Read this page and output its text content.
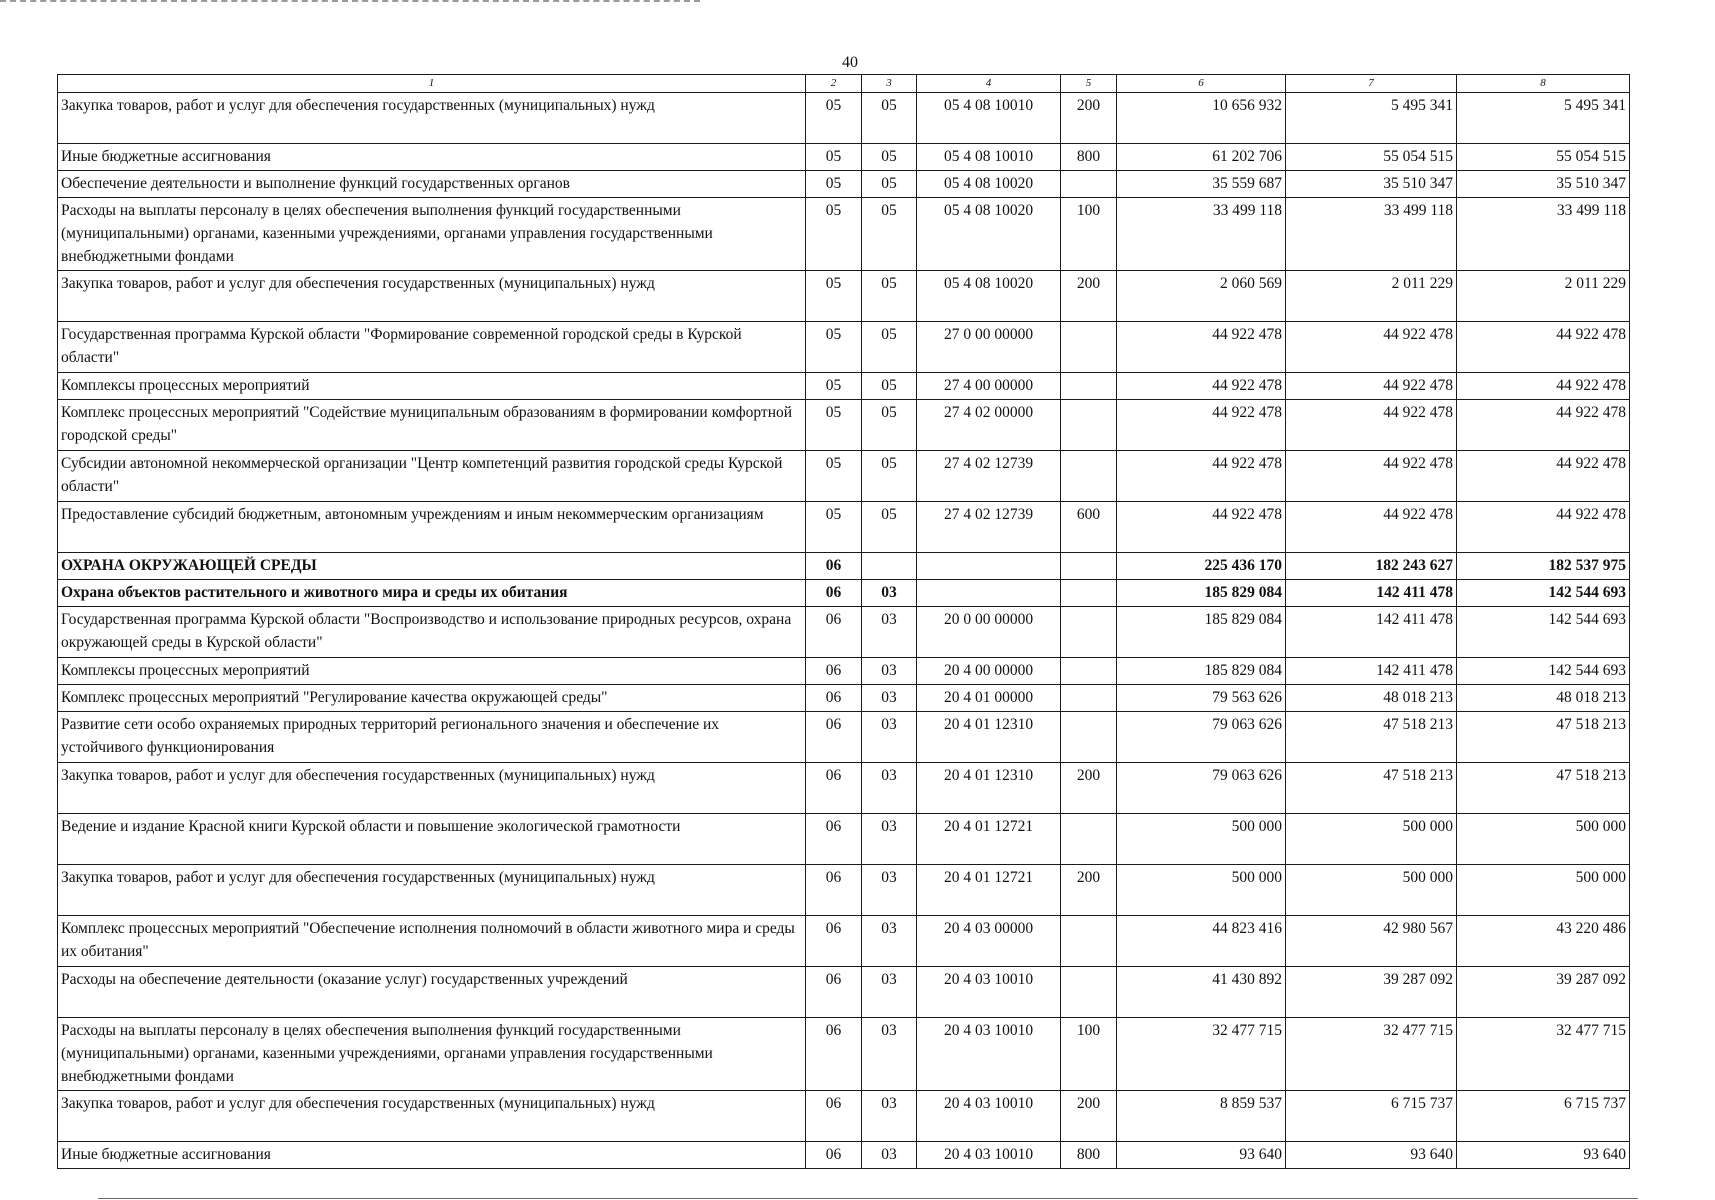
40
1	2	3	4	5	6	7	8
Закупка товаров, работ и услуг для обеспечения государственных (муниципальных) нужд	05	05	05 4 08 10010	200	10 656 932	5 495 341	5 495 341
Иные бюджетные ассигнования	05	05	05 4 08 10010	800	61 202 706	55 054 515	55 054 515
Обеспечение деятельности и выполнение функций государственных органов	05	05	05 4 08 10020		35 559 687	35 510 347	35 510 347
Расходы на выплаты персоналу в целях обеспечения выполнения функций государственными (муниципальными) органами, казенными учреждениями, органами управления государственными внебюджетными фондами	05	05	05 4 08 10020	100	33 499 118	33 499 118	33 499 118
Закупка товаров, работ и услуг для обеспечения государственных (муниципальных) нужд	05	05	05 4 08 10020	200	2 060 569	2 011 229	2 011 229
Государственная программа Курской области "Формирование современной городской среды в Курской области"	05	05	27 0 00 00000		44 922 478	44 922 478	44 922 478
Комплексы процессных мероприятий	05	05	27 4 00 00000		44 922 478	44 922 478	44 922 478
Комплекс процессных мероприятий "Содействие муниципальным образованиям в формировании комфортной городской среды"	05	05	27 4 02 00000		44 922 478	44 922 478	44 922 478
Субсидии автономной некоммерческой организации "Центр компетенций развития городской среды Курской области"	05	05	27 4 02 12739		44 922 478	44 922 478	44 922 478
Предоставление субсидий бюджетным, автономным учреждениям и иным некоммерческим организациям	05	05	27 4 02 12739	600	44 922 478	44 922 478	44 922 478
ОХРАНА ОКРУЖАЮЩЕЙ СРЕДЫ	06				225 436 170	182 243 627	182 537 975
Охрана объектов растительного и животного мира и среды их обитания	06	03			185 829 084	142 411 478	142 544 693
Государственная программа Курской области "Воспроизводство и использование природных ресурсов, охрана окружающей среды в Курской области"	06	03	20 0 00 00000		185 829 084	142 411 478	142 544 693
Комплексы процессных мероприятий	06	03	20 4 00 00000		185 829 084	142 411 478	142 544 693
Комплекс процессных мероприятий "Регулирование качества окружающей среды"	06	03	20 4 01 00000		79 563 626	48 018 213	48 018 213
Развитие сети особо охраняемых природных территорий регионального значения и обеспечение их устойчивого функционирования	06	03	20 4 01 12310		79 063 626	47 518 213	47 518 213
Закупка товаров, работ и услуг для обеспечения государственных (муниципальных) нужд	06	03	20 4 01 12310	200	79 063 626	47 518 213	47 518 213
Ведение и издание Красной книги Курской области и повышение экологической грамотности	06	03	20 4 01 12721		500 000	500 000	500 000
Закупка товаров, работ и услуг для обеспечения государственных (муниципальных) нужд	06	03	20 4 01 12721	200	500 000	500 000	500 000
Комплекс процессных мероприятий "Обеспечение исполнения полномочий в области животного мира и среды их обитания"	06	03	20 4 03 00000		44 823 416	42 980 567	43 220 486
Расходы на обеспечение деятельности (оказание услуг) государственных учреждений	06	03	20 4 03 10010		41 430 892	39 287 092	39 287 092
Расходы на выплаты персоналу в целях обеспечения выполнения функций государственными (муниципальными) органами, казенными учреждениями, органами управления государственными внебюджетными фондами	06	03	20 4 03 10010	100	32 477 715	32 477 715	32 477 715
Закупка товаров, работ и услуг для обеспечения государственных (муниципальных) нужд	06	03	20 4 03 10010	200	8 859 537	6 715 737	6 715 737
Иные бюджетные ассигнования	06	03	20 4 03 10010	800	93 640	93 640	93 640
